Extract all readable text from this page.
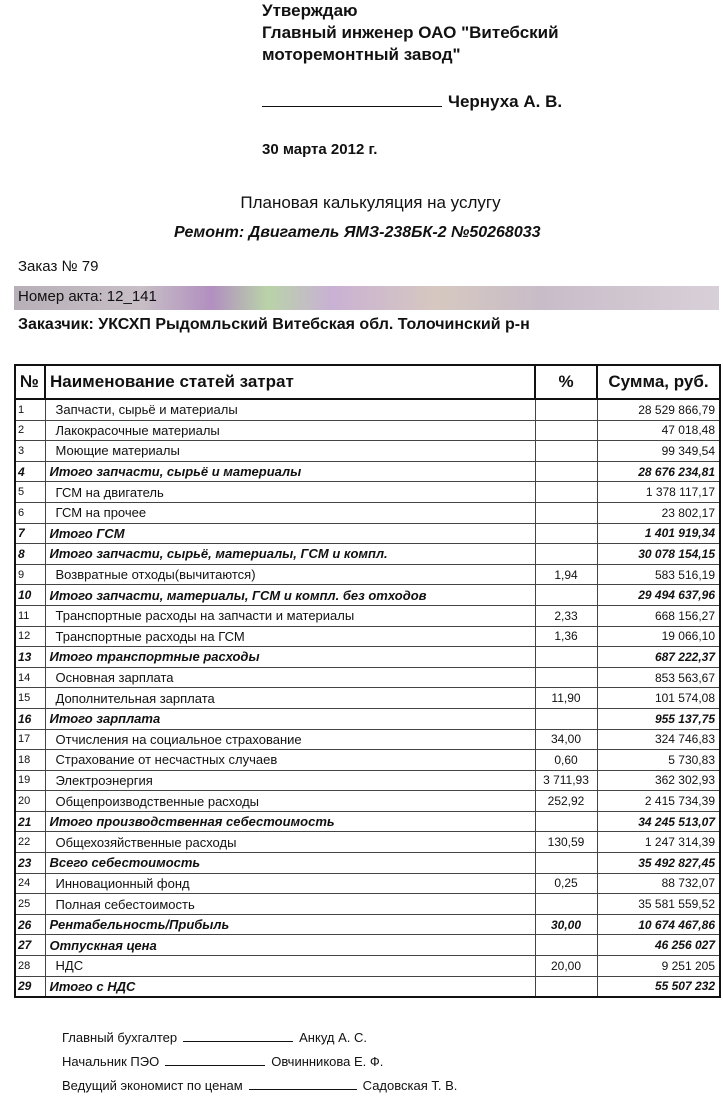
Утверждаю
Главный инженер ОАО "Витебский
моторемонтный завод"
Чернуха А. В.
30 марта 2012 г.
Плановая калькуляция на услугу
Ремонт: Двигатель ЯМЗ-238БК-2 №50268033
Заказ № 79
Номер акта: 12_141
Заказчик: УКСХП Рыдомльский Витебская обл. Толочинский р-н
№	Наименование статей затрат	%	Сумма, руб.
1	Запчасти, сырьё и материалы		28 529 866,79
2	Лакокрасочные материалы		47 018,48
3	Моющие материалы		99 349,54
4	Итого запчасти, сырьё и материалы		28 676 234,81
5	ГСМ на двигатель		1 378 117,17
6	ГСМ на прочее		23 802,17
7	Итого ГСМ		1 401 919,34
8	Итого запчасти, сырьё, материалы, ГСМ и компл.		30 078 154,15
9	Возвратные отходы(вычитаются)	1,94	583 516,19
10	Итого запчасти, материалы, ГСМ и компл. без отходов		29 494 637,96
11	Транспортные расходы на запчасти и материалы	2,33	668 156,27
12	Транспортные расходы на ГСМ	1,36	19 066,10
13	Итого транспортные расходы		687 222,37
14	Основная зарплата		853 563,67
15	Дополнительная зарплата	11,90	101 574,08
16	Итого зарплата		955 137,75
17	Отчисления на социальное страхование	34,00	324 746,83
18	Страхование от несчастных случаев	0,60	5 730,83
19	Электроэнергия	3 711,93	362 302,93
20	Общепроизводственные расходы	252,92	2 415 734,39
21	Итого производственная себестоимость		34 245 513,07
22	Общехозяйственные расходы	130,59	1 247 314,39
23	Всего себестоимость		35 492 827,45
24	Инновационный фонд	0,25	88 732,07
25	Полная себестоимость		35 581 559,52
26	Рентабельность/Прибыль	30,00	10 674 467,86
27	Отпускная цена		46 256 027
28	НДС	20,00	9 251 205
29	Итого с НДС		55 507 232
Главный бухгалтер	Анкуд А. С.
Начальник ПЭО	Овчинникова Е. Ф.
Ведущий экономист по ценам	Садовская Т. В.
